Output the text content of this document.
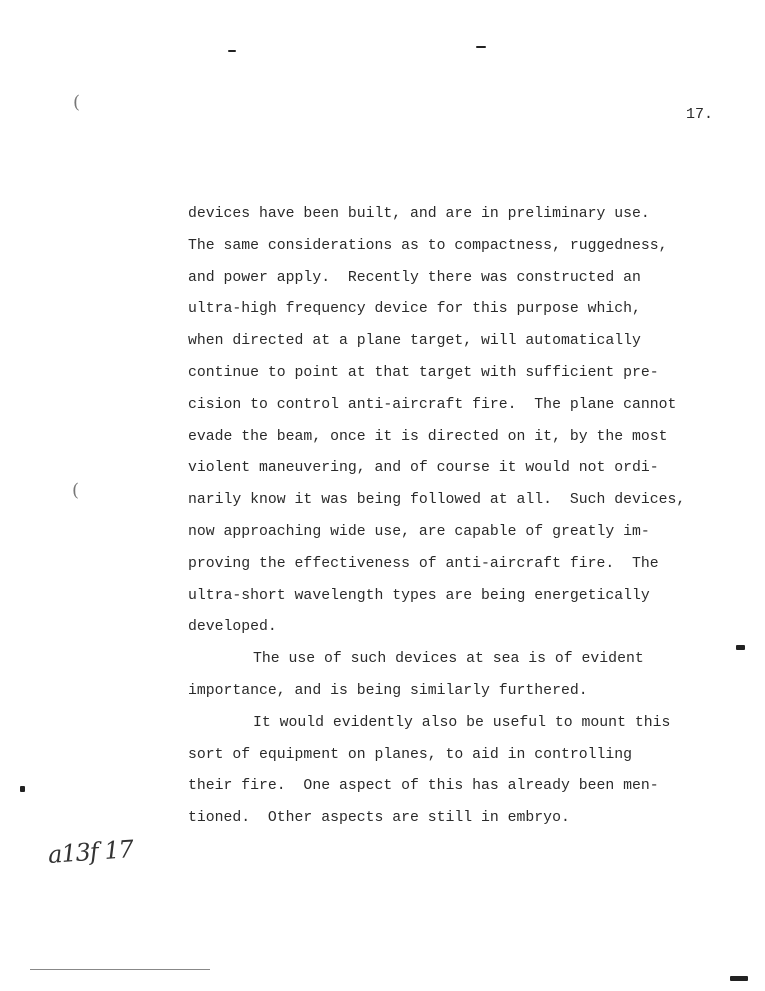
17.
(
(
devices have been built, and are in preliminary use.
The same considerations as to compactness, ruggedness,
and power apply.  Recently there was constructed an
ultra-high frequency device for this purpose which,
when directed at a plane target, will automatically
continue to point at that target with sufficient pre-
cision to control anti-aircraft fire.  The plane cannot
evade the beam, once it is directed on it, by the most
violent maneuvering, and of course it would not ordi-
narily know it was being followed at all.  Such devices,
now approaching wide use, are capable of greatly im-
proving the effectiveness of anti-aircraft fire.  The
ultra-short wavelength types are being energetically
developed.
The use of such devices at sea is of evident
importance, and is being similarly furthered.
It would evidently also be useful to mount this
sort of equipment on planes, to aid in controlling
their fire.  One aspect of this has already been men-
tioned.  Other aspects are still in embryo.
a13f 17
